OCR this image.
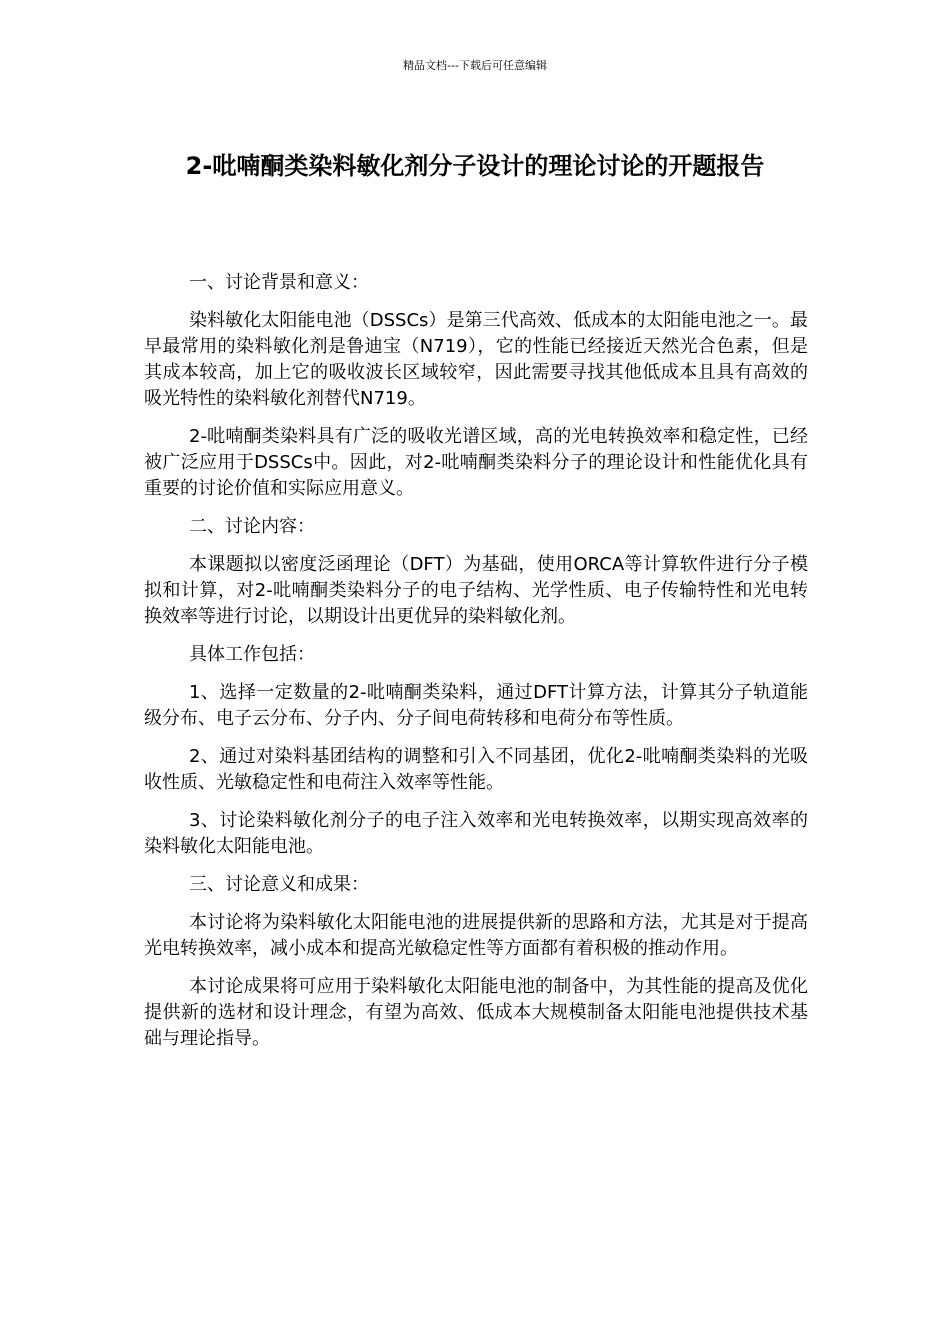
精品文档---下载后可任意编辑
2-吡喃酮类染料敏化剂分子设计的理论讨论的开题报告

一、讨论背景和意义：

染料敏化太阳能电池（DSSCs）是第三代高效、低成本的太阳能电池之一。最早最常用的染料敏化剂是鲁迪宝（N719），它的性能已经接近天然光合色素，但是其成本较高，加上它的吸收波长区域较窄，因此需要寻找其他低成本且具有高效的吸光特性的染料敏化剂替代N719。

2-吡喃酮类染料具有广泛的吸收光谱区域，高的光电转换效率和稳定性，已经被广泛应用于DSSCs中。因此，对2-吡喃酮类染料分子的理论设计和性能优化具有重要的讨论价值和实际应用意义。

二、讨论内容：

本课题拟以密度泛函理论（DFT）为基础，使用ORCA等计算软件进行分子模拟和计算，对2-吡喃酮类染料分子的电子结构、光学性质、电子传输特性和光电转换效率等进行讨论，以期设计出更优异的染料敏化剂。

具体工作包括：

1、选择一定数量的2-吡喃酮类染料，通过DFT计算方法，计算其分子轨道能级分布、电子云分布、分子内、分子间电荷转移和电荷分布等性质。

2、通过对染料基团结构的调整和引入不同基团，优化2-吡喃酮类染料的光吸收性质、光敏稳定性和电荷注入效率等性能。

3、讨论染料敏化剂分子的电子注入效率和光电转换效率，以期实现高效率的染料敏化太阳能电池。

三、讨论意义和成果：

本讨论将为染料敏化太阳能电池的进展提供新的思路和方法，尤其是对于提高光电转换效率，减小成本和提高光敏稳定性等方面都有着积极的推动作用。

本讨论成果将可应用于染料敏化太阳能电池的制备中，为其性能的提高及优化提供新的选材和设计理念，有望为高效、低成本大规模制备太阳能电池提供技术基础与理论指导。
